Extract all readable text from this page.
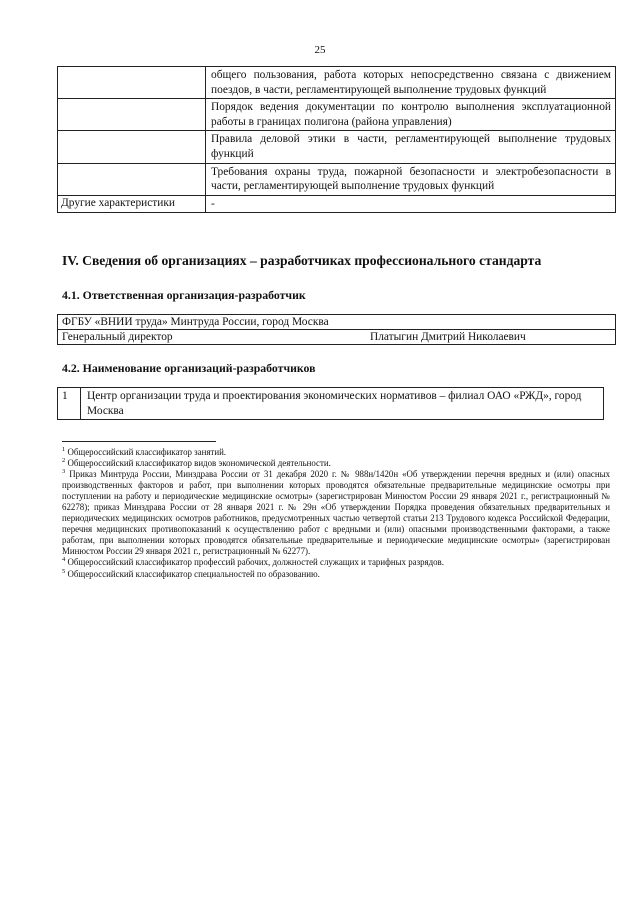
25
	общего пользования, работа которых непосредственно связана с движением поездов, в части, регламентирующей выполнение трудовых функций
	Порядок ведения документации по контролю выполнения эксплуатационной работы в границах полигона (района управления)
	Правила деловой этики в части, регламентирующей выполнение трудовых функций
	Требования охраны труда, пожарной безопасности и электробезопасности в части, регламентирующей выполнение трудовых функций
Другие характеристики	-
IV. Сведения об организациях – разработчиках профессионального стандарта
4.1. Ответственная организация-разработчик
ФГБУ «ВНИИ труда» Минтруда России, город Москва
Генеральный директор	Платыгин Дмитрий Николаевич
4.2. Наименование организаций-разработчиков
1	Центр организации труда и проектирования экономических нормативов – филиал ОАО «РЖД», город Москва

$^1$ Общероссийский классификатор занятий.

$^2$ Общероссийский классификатор видов экономической деятельности.

$^3$ Приказ Минтруда России, Минздрава России от 31 декабря 2020 г. № 988н/1420н «Об утверждении перечня вредных и (или) опасных производственных факторов и работ, при выполнении которых проводятся обязательные предварительные медицинские осмотры при поступлении на работу и периодические медицинские осмотры» (зарегистрирован Минюстом России 29 января 2021 г., регистрационный № 62278); приказ Минздрава России от 28 января 2021 г. № 29н «Об утверждении Порядка проведения обязательных предварительных и периодических медицинских осмотров работников, предусмотренных частью четвертой статьи 213 Трудового кодекса Российской Федерации, перечня медицинских противопоказаний к осуществлению работ с вредными и (или) опасными производственными факторами, а также работам, при выполнении которых проводятся обязательные предварительные и периодические медицинские осмотры» (зарегистрирован Минюстом России 29 января 2021 г., регистрационный № 62277).

$^4$ Общероссийский классификатор профессий рабочих, должностей служащих и тарифных разрядов.

$^5$ Общероссийский классификатор специальностей по образованию.
